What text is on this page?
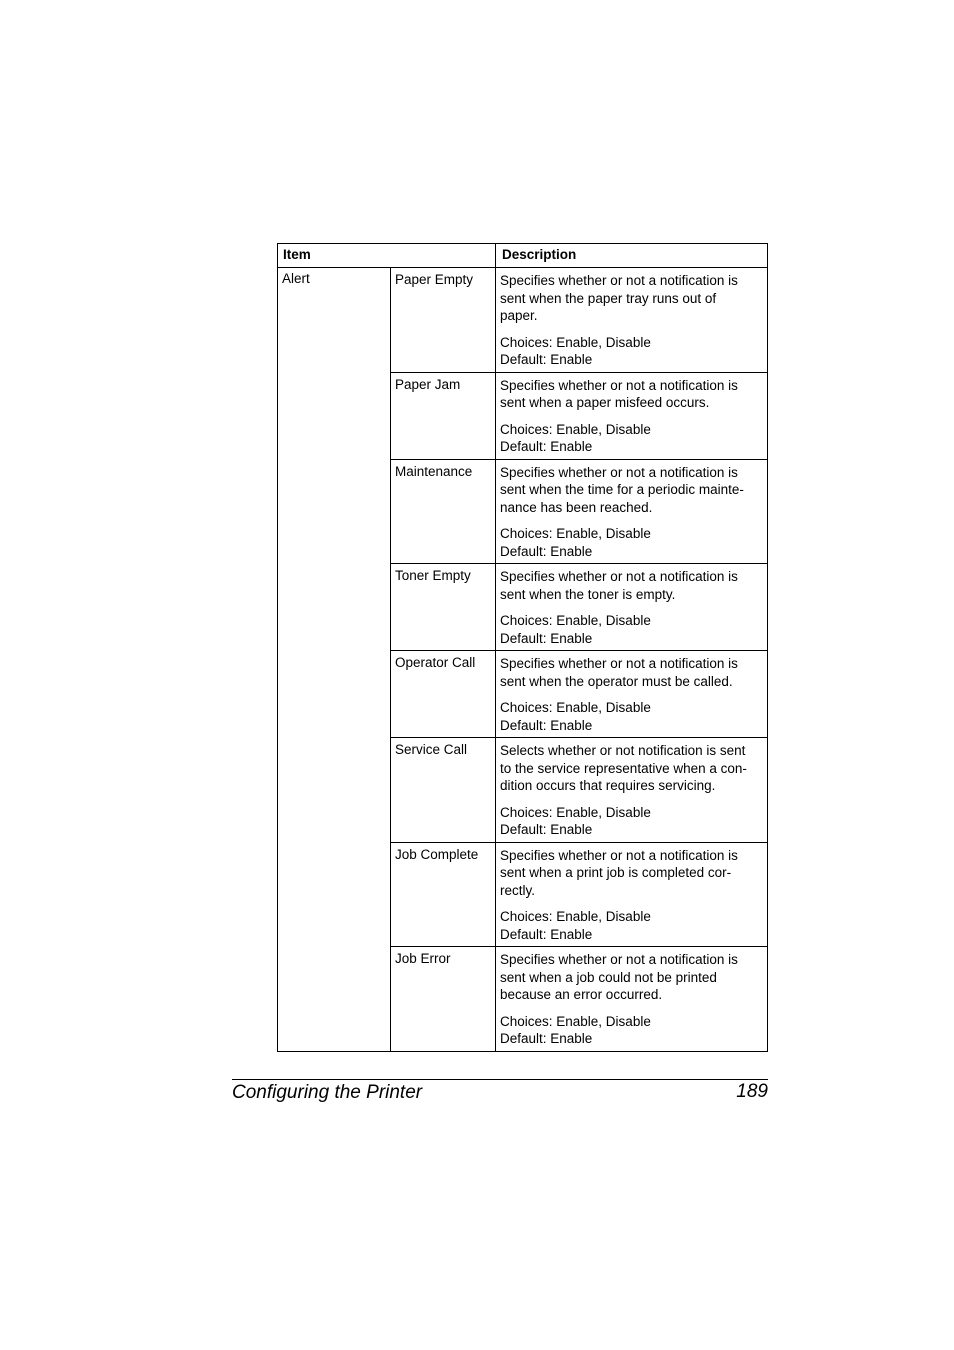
Item	Description
Alert	Paper Empty	Specifies whether or not a notification is
sent when the paper tray runs out of
paper.
Choices: Enable, Disable
Default: Enable
Paper Jam	Specifies whether or not a notification is
sent when a paper misfeed occurs.
Choices: Enable, Disable
Default: Enable
Maintenance	Specifies whether or not a notification is
sent when the time for a periodic mainte-
nance has been reached.
Choices: Enable, Disable
Default: Enable
Toner Empty	Specifies whether or not a notification is
sent when the toner is empty.
Choices: Enable, Disable
Default: Enable
Operator Call	Specifies whether or not a notification is
sent when the operator must be called.
Choices: Enable, Disable
Default: Enable
Service Call	Selects whether or not notification is sent
to the service representative when a con-
dition occurs that requires servicing.
Choices: Enable, Disable
Default: Enable
Job Complete	Specifies whether or not a notification is
sent when a print job is completed cor-
rectly.
Choices: Enable, Disable
Default: Enable
Job Error	Specifies whether or not a notification is
sent when a job could not be printed
because an error occurred.
Choices: Enable, Disable
Default: Enable
Configuring the Printer	189
